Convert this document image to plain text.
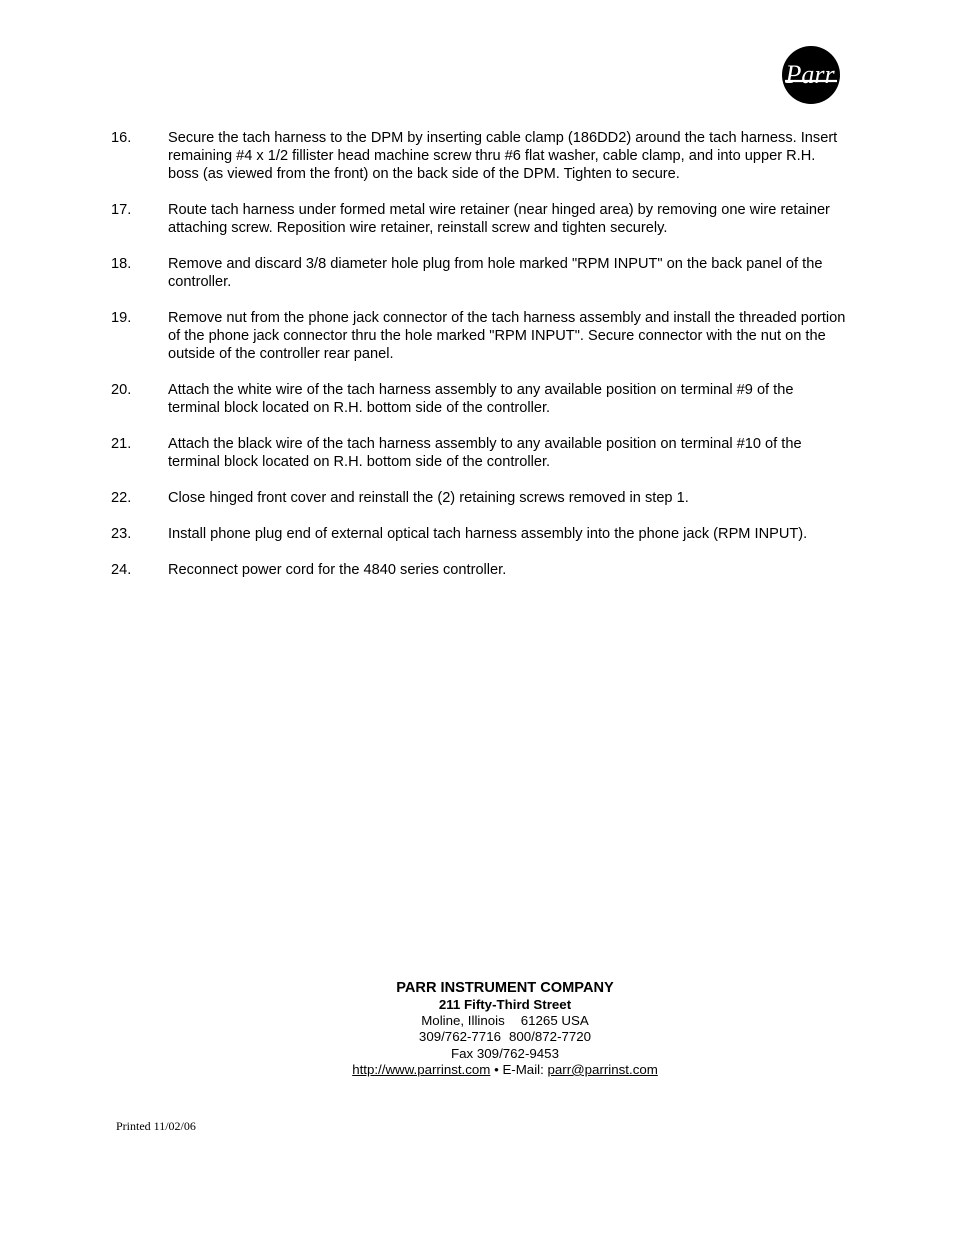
Parr
16.	Secure the tach harness to the DPM by inserting cable clamp (186DD2) around the tach harness. Insert remaining #4 x 1/2 fillister head machine screw thru #6 flat washer, cable clamp, and into upper R.H. boss (as viewed from the front) on the back side of the DPM. Tighten to secure.
17.	Route tach harness under formed metal wire retainer (near hinged area) by removing one wire retainer attaching screw. Reposition wire retainer, reinstall screw and tighten securely.
18.	Remove and discard 3/8 diameter hole plug from hole marked "RPM INPUT" on the back panel of the controller.
19.	Remove nut from the phone jack connector of the tach harness assembly and install the threaded portion of the phone jack connector thru the hole marked "RPM INPUT". Secure connector with the nut on the outside of the controller rear panel.
20.	Attach the white wire of the tach harness assembly to any available position on terminal #9 of the terminal block located on R.H. bottom side of the controller.
21.	Attach the black wire of the tach harness assembly to any available position on terminal #10 of the terminal block located on R.H. bottom side of the controller.
22.	Close hinged front cover and reinstall the (2) retaining screws removed in step 1.
23.	Install phone plug end of external optical tach harness assembly into the phone jack (RPM INPUT).
24.	Reconnect power cord for the 4840 series controller.
PARR INSTRUMENT COMPANY
211 Fifty-Third Street
Moline, Illinois 61265 USA
309/762-7716 800/872-7720
Fax 309/762-9453
http://www.parrinst.com • E-Mail: parr@parrinst.com
Printed 11/02/06
